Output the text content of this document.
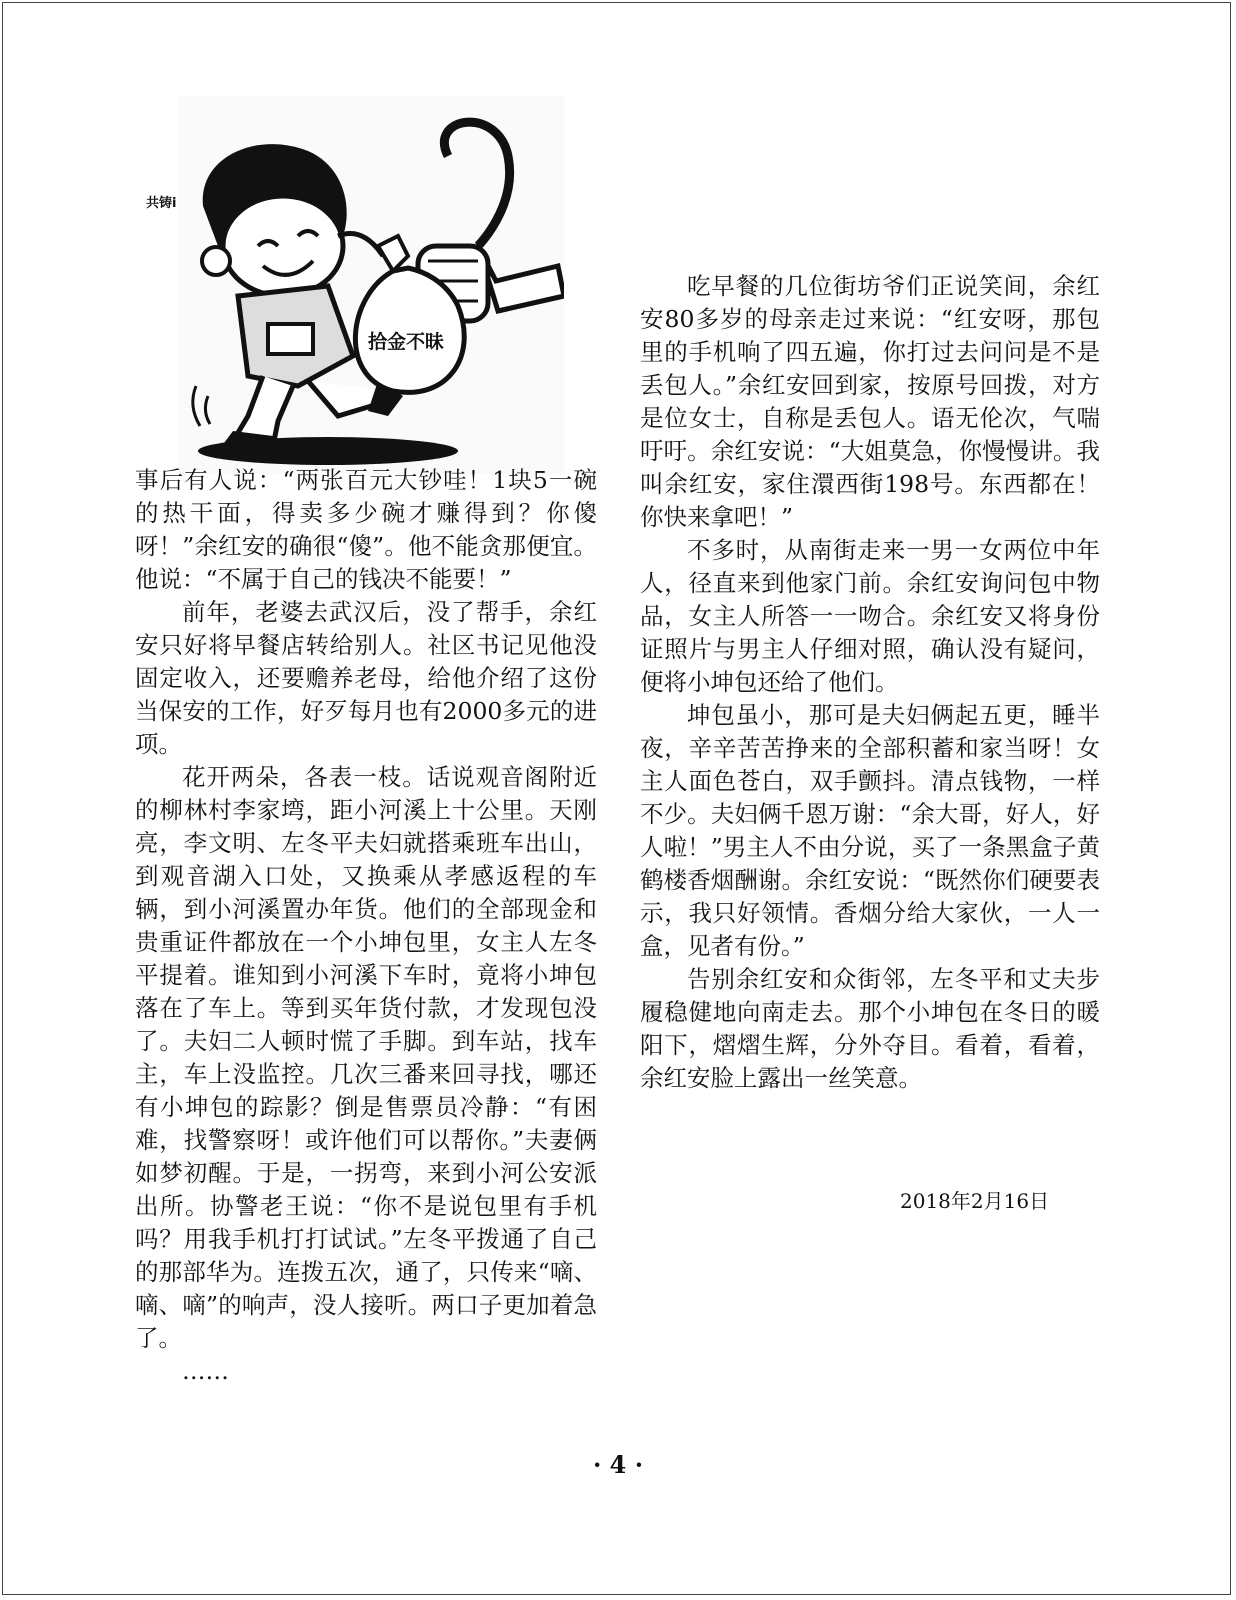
共铸i
拾金不昧

事后有人说：“两张百元大钞哇！1块5一碗的热干面，得卖多少碗才赚得到？你傻呀！”余红安的确很“傻”。他不能贪那便宜。他说：“不属于自己的钱决不能要！”

前年，老婆去武汉后，没了帮手，余红安只好将早餐店转给别人。社区书记见他没固定收入，还要赡养老母，给他介绍了这份当保安的工作，好歹每月也有2000多元的进项。

花开两朵，各表一枝。话说观音阁附近的柳林村李家塆，距小河溪上十公里。天刚亮，李文明、左冬平夫妇就搭乘班车出山，到观音湖入口处，又换乘从孝感返程的车辆，到小河溪置办年货。他们的全部现金和贵重证件都放在一个小坤包里，女主人左冬平提着。谁知到小河溪下车时，竟将小坤包落在了车上。等到买年货付款，才发现包没了。夫妇二人顿时慌了手脚。到车站，找车主，车上没监控。几次三番来回寻找，哪还有小坤包的踪影？倒是售票员冷静：“有困难，找警察呀！或许他们可以帮你。”夫妻俩如梦初醒。于是，一拐弯，来到小河公安派出所。协警老王说：“你不是说包里有手机吗？用我手机打打试试。”左冬平拨通了自己的那部华为。连拨五次，通了，只传来“嘀、嘀、嘀”的响声，没人接听。两口子更加着急了。

……

吃早餐的几位街坊爷们正说笑间，余红安80多岁的母亲走过来说：“红安呀，那包里的手机响了四五遍，你打过去问问是不是丢包人。”余红安回到家，按原号回拨，对方是位女士，自称是丢包人。语无伦次，气喘吁吁。余红安说：“大姐莫急，你慢慢讲。我叫余红安，家住澴西街198号。东西都在！你快来拿吧！”

不多时，从南街走来一男一女两位中年人，径直来到他家门前。余红安询问包中物品，女主人所答一一吻合。余红安又将身份证照片与男主人仔细对照，确认没有疑问，便将小坤包还给了他们。

坤包虽小，那可是夫妇俩起五更，睡半夜，辛辛苦苦挣来的全部积蓄和家当呀！女主人面色苍白，双手颤抖。清点钱物，一样不少。夫妇俩千恩万谢：“余大哥，好人，好人啦！”男主人不由分说，买了一条黑盒子黄鹤楼香烟酬谢。余红安说：“既然你们硬要表示，我只好领情。香烟分给大家伙，一人一盒，见者有份。”

告别余红安和众街邻，左冬平和丈夫步履稳健地向南走去。那个小坤包在冬日的暖阳下，熠熠生辉，分外夺目。看着，看着，余红安脸上露出一丝笑意。

2018年2月16日
· 4 ·
